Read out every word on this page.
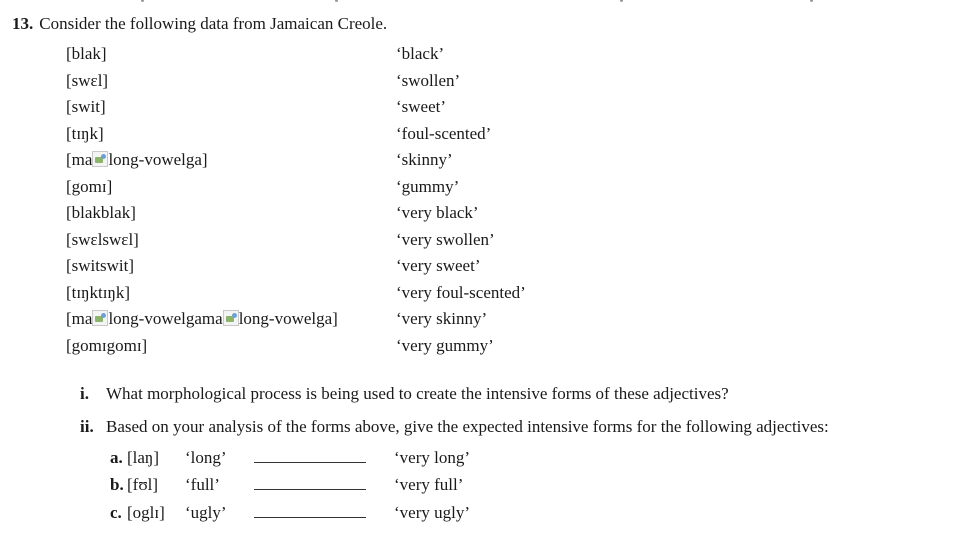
13. Consider the following data from Jamaican Creole.
[blak]	‘black’
[swɛl]	‘swollen’
[swit]	‘sweet’
[tɪŋk]	‘foul-scented’
[ma long-vowelga]	‘skinny’
[gomɪ]	‘gummy’
[blakblak]	‘very black’
[swɛlswɛl]	‘very swollen’
[switswit]	‘very sweet’
[tɪŋktɪŋk]	‘very foul-scented’
[ma long-vowelgama long-vowelga]	‘very skinny’
[gomɪgomɪ]	‘very gummy’
i. What morphological process is being used to create the intensive forms of these adjectives?
ii. Based on your analysis of the forms above, give the expected intensive forms for the following adjectives:
a.	[laŋ]	‘long’		‘very long’
b.	[fʊl]	‘full’		‘very full’
c.	[oglɪ]	‘ugly’		‘very ugly’
